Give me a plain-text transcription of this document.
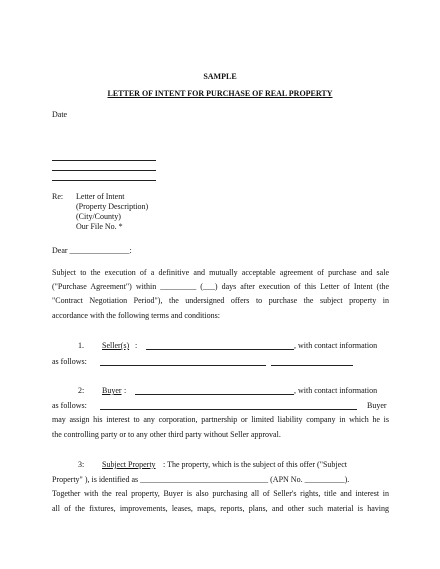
SAMPLE
LETTER OF INTENT FOR PURCHASE OF REAL PROPERTY
Date
Re: Letter of Intent
(Property Description)
(City/County)
Our File No. *
Dear _______________:
Subject to the execution of a definitive and mutually acceptable agreement of purchase and sale
("Purchase Agreement") within _________ (___) days after execution of this Letter of Intent (the
"Contract Negotiation Period"), the undersigned offers to purchase the subject property in
accordance with the following terms and conditions:
1. Seller(s) :	, with contact information
as follows:
2: Buyer :	, with contact information
as follows:	Buyer
may assign his interest to any corporation, partnership or limited liability company in which he is
the controlling party or to any other third party without Seller approval.
3: Subject Property : The property, which is the subject of this offer ("Subject
Property" ), is identified as ________________________________ (APN No. __________).
Together with the real property, Buyer is also purchasing all of Seller's rights, title and interest in
all of the fixtures, improvements, leases, maps, reports, plans, and other such material is having
